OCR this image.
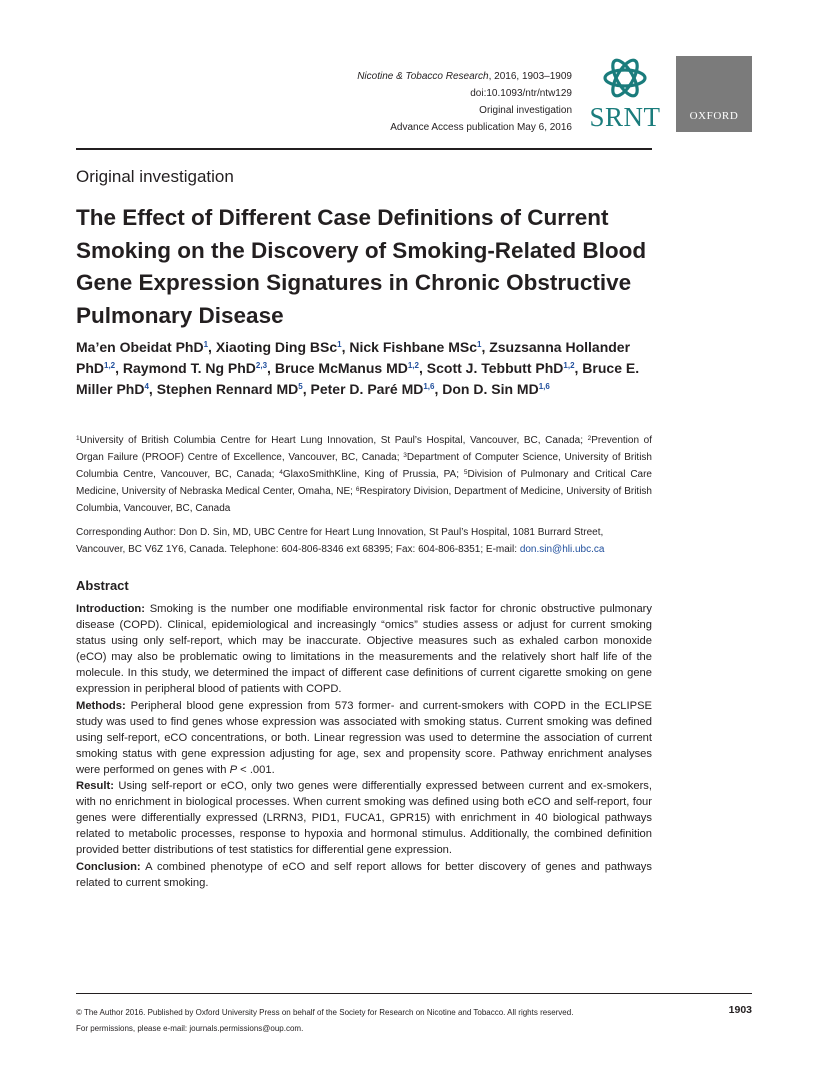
Nicotine & Tobacco Research, 2016, 1903–1909
doi:10.1093/ntr/ntw129
Original investigation
Advance Access publication May 6, 2016 SRNT	OXFORD
Original investigation
The Effect of Different Case Definitions of Current Smoking on the Discovery of Smoking-Related Blood Gene Expression Signatures in Chronic Obstructive Pulmonary Disease

Ma’en Obeidat PhD$^1$, Xiaoting Ding BSc$^1$, Nick Fishbane MSc$^1$, Zsuzsanna Hollander PhD$^{1,2}$, Raymond T. Ng PhD$^{2,3}$, Bruce McManus MD$^{1,2}$, Scott J. Tebbutt PhD$^{1,2}$, Bruce E. Miller PhD$^4$, Stephen Rennard $MD^5$, Peter D. Paré MD$^{1,6}$, Don D. Sin MD$^{1,6}$

$^1$University of British Columbia Centre for Heart Lung Innovation, St Paul’s Hospital, Vancouver, BC, Canada; $^2$Prevention of Organ Failure (PROOF) Centre of Excellence, Vancouver, BC, Canada; $^3$Department of Computer Science, University of British Columbia Centre, Vancouver, BC, Canada; $^4$GlaxoSmithKline, King of Prussia, PA; $^5$Division of Pulmonary and Critical Care Medicine, University of Nebraska Medical Center, Omaha, NE; $^6$Respiratory Division, Department of Medicine, University of British Columbia, Vancouver, BC, Canada

Corresponding Author: Don D. Sin, MD, UBC Centre for Heart Lung Innovation, St Paul’s Hospital, 1081 Burrard Street, Vancouver, BC V6Z 1Y6, Canada. Telephone: 604-806-8346 ext 68395; Fax: 604-806-8351; E-mail: don.sin@hli.ubc.ca

Abstract

Introduction: Smoking is the number one modifiable environmental risk factor for chronic obstructive pulmonary disease (COPD). Clinical, epidemiological and increasingly “omics” studies assess or adjust for current smoking status using only self-report, which may be inaccurate. Objective measures such as exhaled carbon monoxide (eCO) may also be problematic owing to limitations in the measurements and the relatively short half life of the molecule. In this study, we determined the impact of different case definitions of current cigarette smoking on gene expression in peripheral blood of patients with COPD.

Methods: Peripheral blood gene expression from 573 former- and current-smokers with COPD in the ECLIPSE study was used to find genes whose expression was associated with smoking status. Current smoking was defined using self-report, eCO concentrations, or both. Linear regression was used to determine the association of current smoking status with gene expression adjusting for age, sex and propensity score. Pathway enrichment analyses were performed on genes with P < .001.

Result: Using self-report or eCO, only two genes were differentially expressed between current and ex-smokers, with no enrichment in biological processes. When current smoking was defined using both eCO and self-report, four genes were differentially expressed (LRRN3, PID1, FUCA1, GPR15) with enrichment in 40 biological pathways related to metabolic processes, response to hypoxia and hormonal stimulus. Additionally, the combined definition provided better distributions of test statistics for differential gene expression.

Conclusion: A combined phenotype of eCO and self report allows for better discovery of genes and pathways related to current smoking.

© The Author 2016. Published by Oxford University Press on behalf of the Society for Research on Nicotine and Tobacco. All rights reserved.
For permissions, please e-mail: journals.permissions@oup.com.
1903
